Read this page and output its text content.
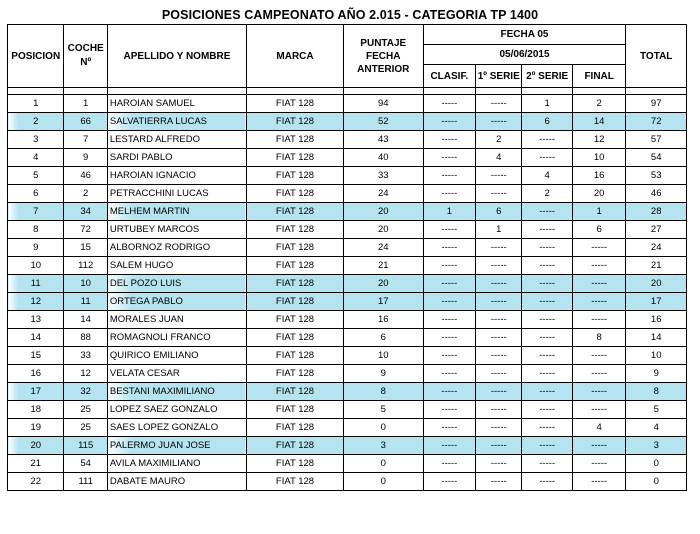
POSICIONES CAMPEONATO AÑO 2.015 - CATEGORIA TP 1400
POSICION	COCHE Nº	APELLIDO Y NOMBRE	MARCA	PUNTAJE FECHA ANTERIOR	FECHA 05				TOTAL
					05/06/2015				
					CLASIF.	1º SERIE	2º SERIE	FINAL	

1	1	HAROIAN SAMUEL	FIAT 128	94	-----	-----	1	2	97
2	66	SALVATIERRA LUCAS	FIAT 128	52	-----	-----	6	14	72
3	7	LESTARD ALFREDO	FIAT 128	43	-----	2	-----	12	57
4	9	SARDI PABLO	FIAT 128	40	-----	4	-----	10	54
5	46	HAROIAN IGNACIO	FIAT 128	33	-----	-----	4	16	53
6	2	PETRACCHINI LUCAS	FIAT 128	24	-----	-----	2	20	46
7	34	MELHEM MARTIN	FIAT 128	20	1	6	-----	1	28
8	72	URTUBEY MARCOS	FIAT 128	20	-----	1	-----	6	27
9	15	ALBORNOZ RODRIGO	FIAT 128	24	-----	-----	-----	-----	24
10	112	SALEM HUGO	FIAT 128	21	-----	-----	-----	-----	21
11	10	DEL POZO LUIS	FIAT 128	20	-----	-----	-----	-----	20
12	11	ORTEGA PABLO	FIAT 128	17	-----	-----	-----	-----	17
13	14	MORALES JUAN	FIAT 128	16	-----	-----	-----	-----	16
14	88	ROMAGNOLI FRANCO	FIAT 128	6	-----	-----	-----	8	14
15	33	QUIRICO EMILIANO	FIAT 128	10	-----	-----	-----	-----	10
16	12	VELATA CESAR	FIAT 128	9	-----	-----	-----	-----	9
17	32	BESTANI MAXIMILIANO	FIAT 128	8	-----	-----	-----	-----	8
18	25	LOPEZ SAEZ GONZALO	FIAT 128	5	-----	-----	-----	-----	5
19	25	SAES LOPEZ GONZALO	FIAT 128	0	-----	-----	-----	4	4
20	115	PALERMO JUAN JOSE	FIAT 128	3	-----	-----	-----	-----	3
21	54	AVILA MAXIMILIANO	FIAT 128	0	-----	-----	-----	-----	0
22	111	DABATE MAURO	FIAT 128	0	-----	-----	-----	-----	0
